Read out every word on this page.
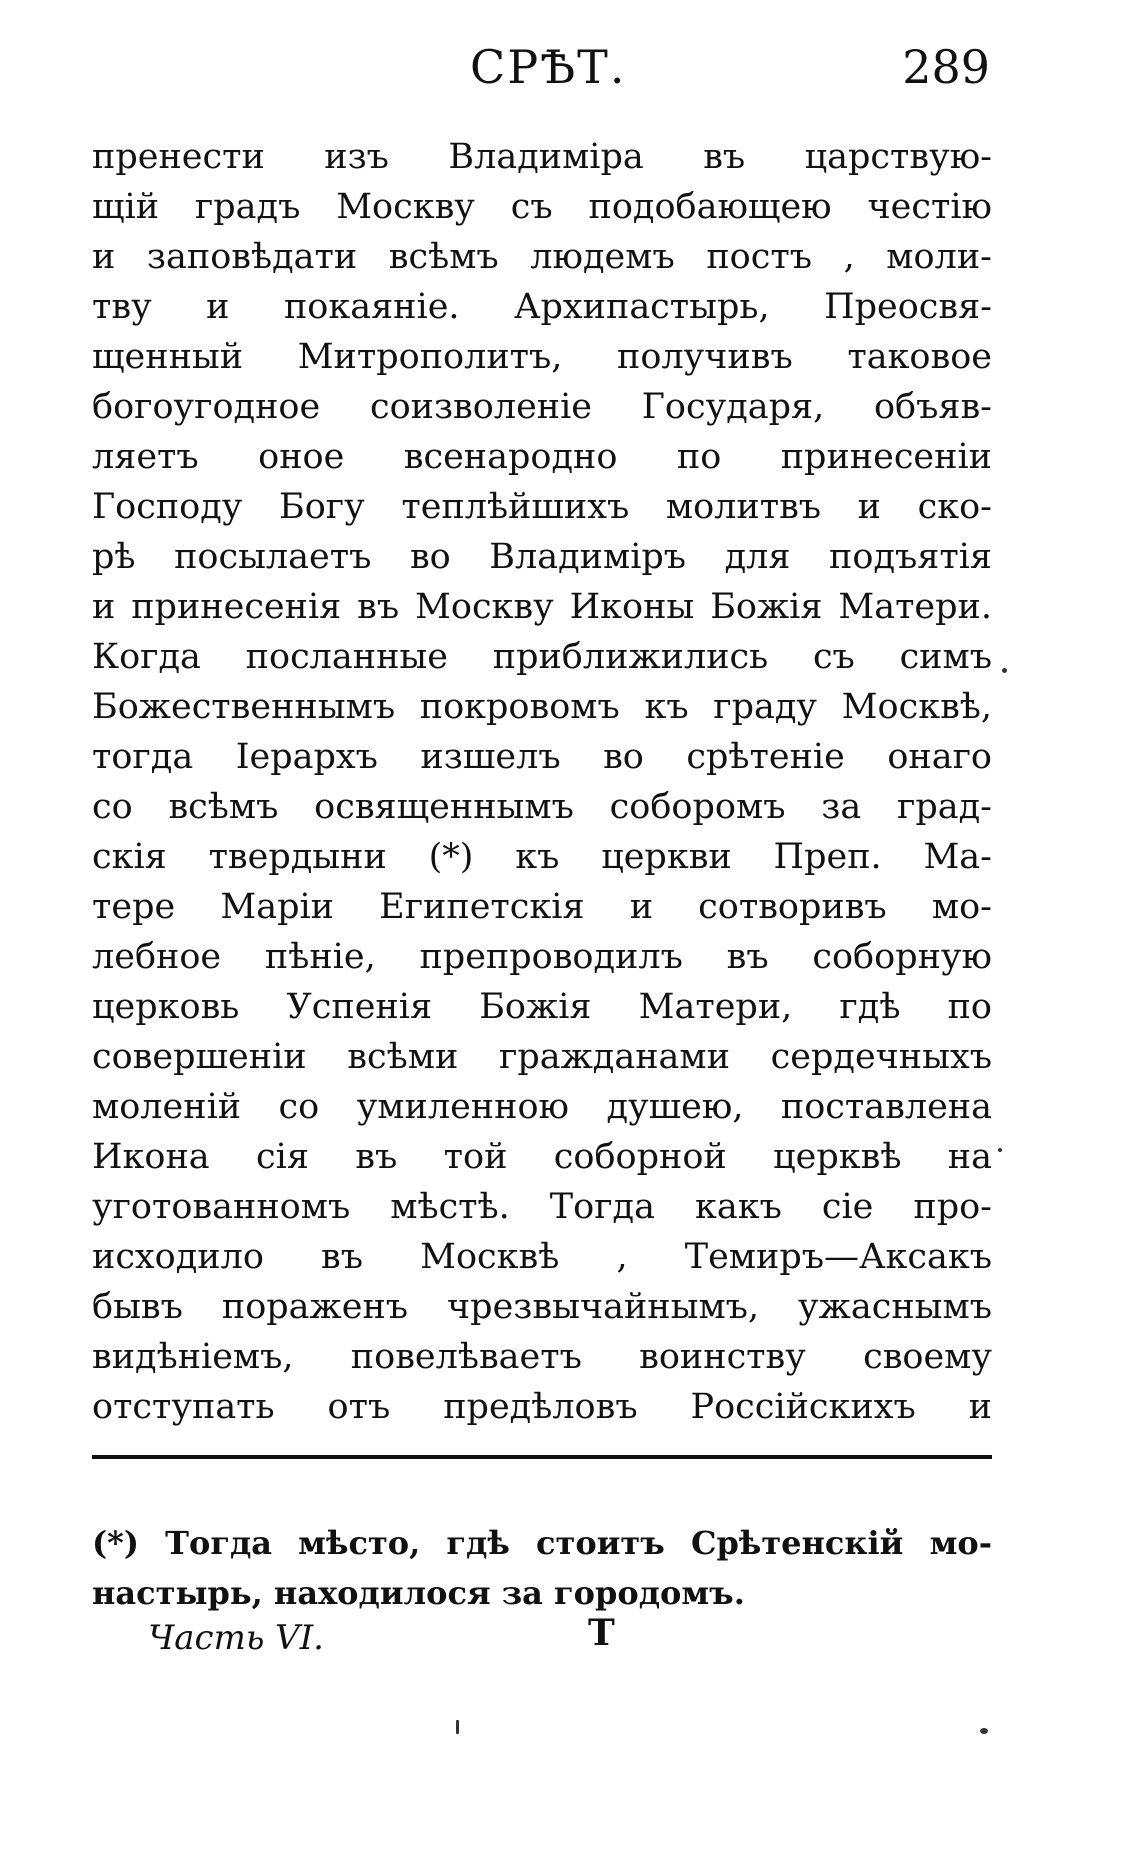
СРѢТ.	289
пренести изъ Владиміра въ царствую-
щій градъ Москву съ подобающею честію
и заповѣдати всѣмъ людемъ постъ , моли-
тву и покаяніе. Архипастырь, Преосвя-
щенный Митрополитъ, получивъ таковое
богоугодное соизволеніе Государя, объяв-
ляетъ оное всенародно по принесеніи
Господу Богу теплѣйшихъ молитвъ и ско-
рѣ посылаетъ во Владиміръ для подъятія
и принесенія въ Москву Иконы Божія Матери.
Когда посланные приближились съ симъ
Божественнымъ покровомъ къ граду Москвѣ,
тогда Іерархъ изшелъ во срѣтеніе онаго
со всѣмъ освященнымъ соборомъ за град-
скія твердыни (*) къ церкви Преп. Ма-
тере Маріи Египетскія и сотворивъ мо-
лебное пѣніе, препроводилъ въ соборную
церковь Успенія Божія Матери, гдѣ по
совершеніи всѣми гражданами сердечныхъ
моленій со умиленною душею, поставлена
Икона сія въ той соборной церквѣ на
уготованномъ мѣстѣ. Тогда какъ сіе про-
исходило въ Москвѣ , Темиръ—Аксакъ
бывъ пораженъ чрезвычайнымъ, ужаснымъ
видѣніемъ, повелѣваетъ воинству своему
отступать отъ предѣловъ Россійскихъ и
(*) Тогда мѣсто, гдѣ стоитъ Срѣтенскій мо-
настырь, находилося за городомъ.
Часть VI.	Т
